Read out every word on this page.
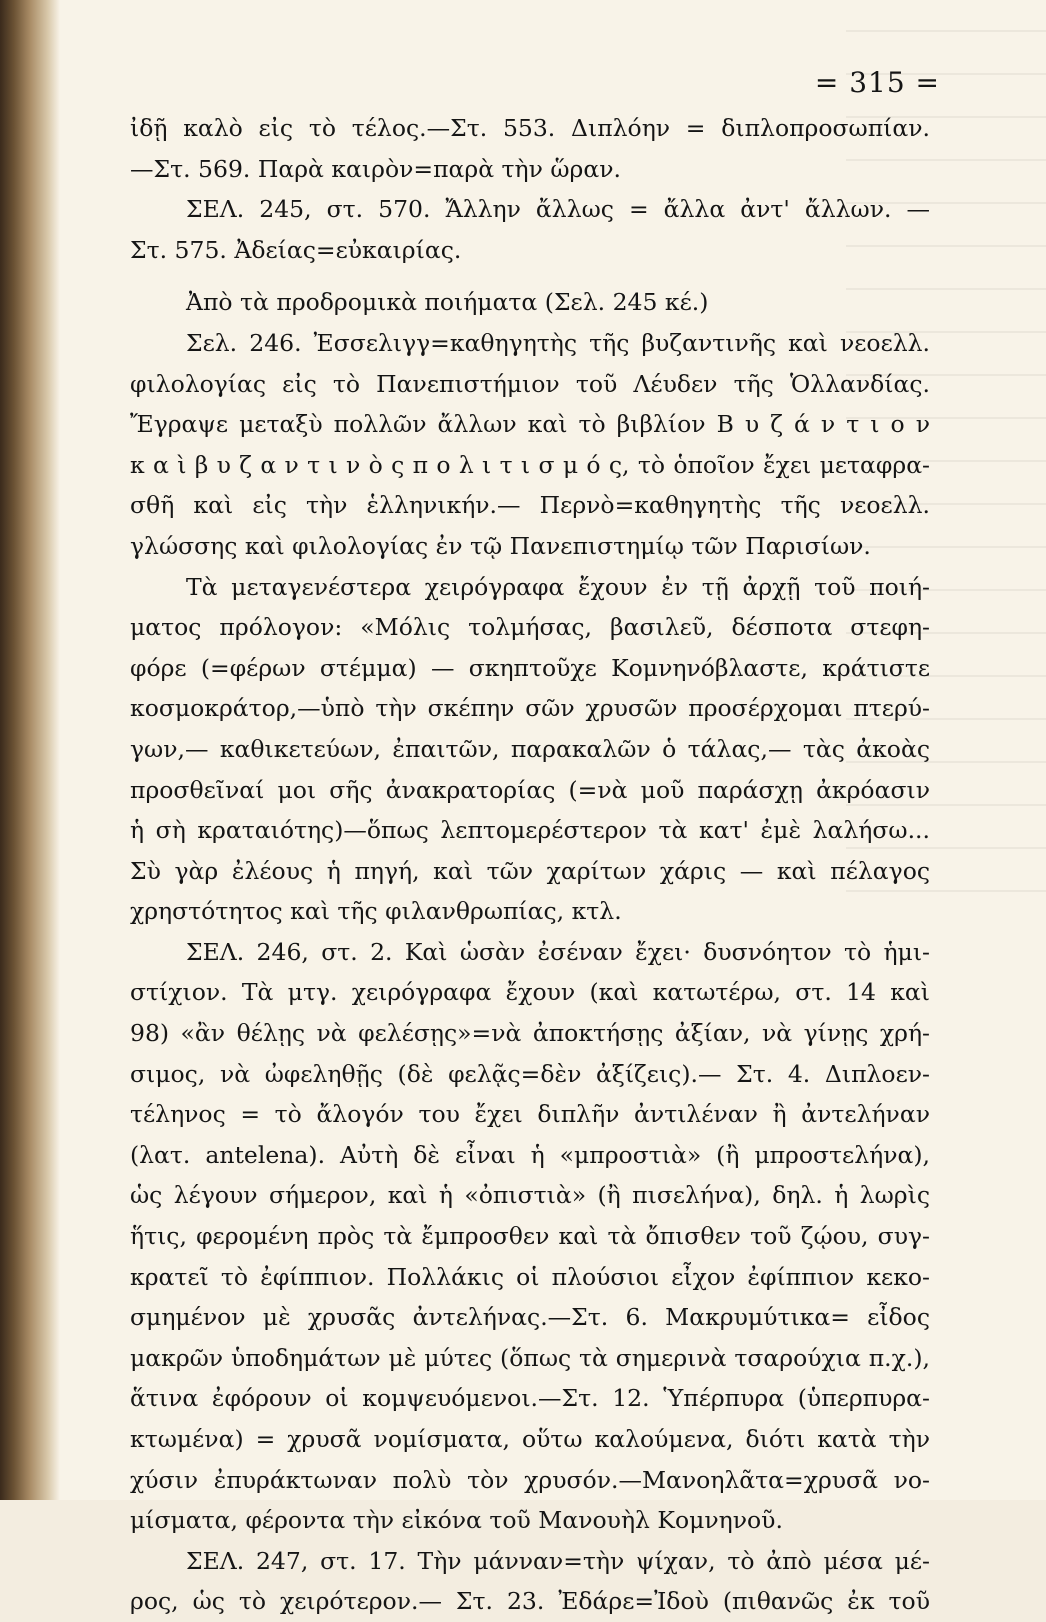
= 315 =
ἰδῇ καλὸ εἰς τὸ τέλος.—Στ. 553. Διπλόην = διπλοπροσωπίαν.
—Στ. 569. Παρὰ καιρὸν=παρὰ τὴν ὥραν.
ΣΕΛ. 245, στ. 570. Ἄλλην ἄλλως = ἄλλα ἀντ' ἄλλων. —
Στ. 575. Ἀδείας=εὐκαιρίας.
Ἀπὸ τὰ προδρομικὰ ποιήματα (Σελ. 245 κέ.)
Σελ. 246. Ἐσσελιγγ=καθηγητὴς τῆς βυζαντινῆς καὶ νεοελλ.
φιλολογίας εἰς τὸ Πανεπιστήμιον τοῦ Λέυδεν τῆς Ὁλλανδίας.
Ἔγραψε μεταξὺ πολλῶν ἄλλων καὶ τὸ βιβλίον Β υ ζ ά ν τ ι ο ν
κ α ὶ β υ ζ α ν τ ι ν ὸ ς π ο λ ι τ ι σ μ ό ς, τὸ ὁποῖον ἔχει μεταφρα-
σθῆ καὶ εἰς τὴν ἑλληνικήν.— Περνὸ=καθηγητὴς τῆς νεοελλ.
γλώσσης καὶ φιλολογίας ἐν τῷ Πανεπιστημίῳ τῶν Παρισίων.
Τὰ μεταγενέστερα χειρόγραφα ἔχουν ἐν τῇ ἀρχῇ τοῦ ποιή-
ματος πρόλογον: «Μόλις τολμήσας, βασιλεῦ, δέσποτα στεφη-
φόρε (=φέρων στέμμα) — σκηπτοῦχε Κομνηνόβλαστε, κράτιστε
κοσμοκράτορ,—ὑπὸ τὴν σκέπην σῶν χρυσῶν προσέρχομαι πτερύ-
γων,— καθικετεύων, ἐπαιτῶν, παρακαλῶν ὁ τάλας,— τὰς ἀκοὰς
προσθεῖναί μοι σῆς ἀνακρατορίας (=νὰ μοῦ παράσχῃ ἀκρόασιν
ἡ σὴ κραταιότης)—ὅπως λεπτομερέστερον τὰ κατ' ἐμὲ λαλήσω...
Σὺ γὰρ ἐλέους ἡ πηγή, καὶ τῶν χαρίτων χάρις — καὶ πέλαγος
χρηστότητος καὶ τῆς φιλανθρωπίας, κτλ.
ΣΕΛ. 246, στ. 2. Καὶ ὡσὰν ἐσέναν ἔχει· δυσνόητον τὸ ἡμι-
στίχιον. Τὰ μτγ. χειρόγραφα ἔχουν (καὶ κατωτέρω, στ. 14 καὶ
98) «ἂν θέλῃς νὰ φελέσῃς»=νὰ ἀποκτήσῃς ἀξίαν, νὰ γίνῃς χρή-
σιμος, νὰ ὠφεληθῇς (δὲ φελᾷς=δὲν ἀξίζεις).— Στ. 4. Διπλοεν-
τέληνος = τὸ ἄλογόν του ἔχει διπλῆν ἀντιλέναν ἢ ἀντελήναν
(λατ. antelena). Αὐτὴ δὲ εἶναι ἡ «μπροστιὰ» (ἢ μπροστελήνα),
ὡς λέγουν σήμερον, καὶ ἡ «ὀπιστιὰ» (ἢ πισελήνα), δηλ. ἡ λωρὶς
ἥτις, φερομένη πρὸς τὰ ἔμπροσθεν καὶ τὰ ὄπισθεν τοῦ ζῴου, συγ-
κρατεῖ τὸ ἐφίππιον. Πολλάκις οἱ πλούσιοι εἶχον ἐφίππιον κεκο-
σμημένον μὲ χρυσᾶς ἀντελήνας.—Στ. 6. Μακρυμύτικα= εἶδος
μακρῶν ὑποδημάτων μὲ μύτες (ὅπως τὰ σημερινὰ τσαρούχια π.χ.),
ἅτινα ἐφόρουν οἱ κομψευόμενοι.—Στ. 12. Ὑπέρπυρα (ὑπερπυρα-
κτωμένα) = χρυσᾶ νομίσματα, οὕτω καλούμενα, διότι κατὰ τὴν
χύσιν ἐπυράκτωναν πολὺ τὸν χρυσόν.—Μανοηλᾶτα=χρυσᾶ νο-
μίσματα, φέροντα τὴν εἰκόνα τοῦ Μανουὴλ Κομνηνοῦ.
ΣΕΛ. 247, στ. 17. Τὴν μάνναν=τὴν ψίχαν, τὸ ἀπὸ μέσα μέ-
ρος, ὡς τὸ χειρότερον.— Στ. 23. Ἐδάρε=Ἰδοὺ (πιθανῶς ἐκ τοῦ
